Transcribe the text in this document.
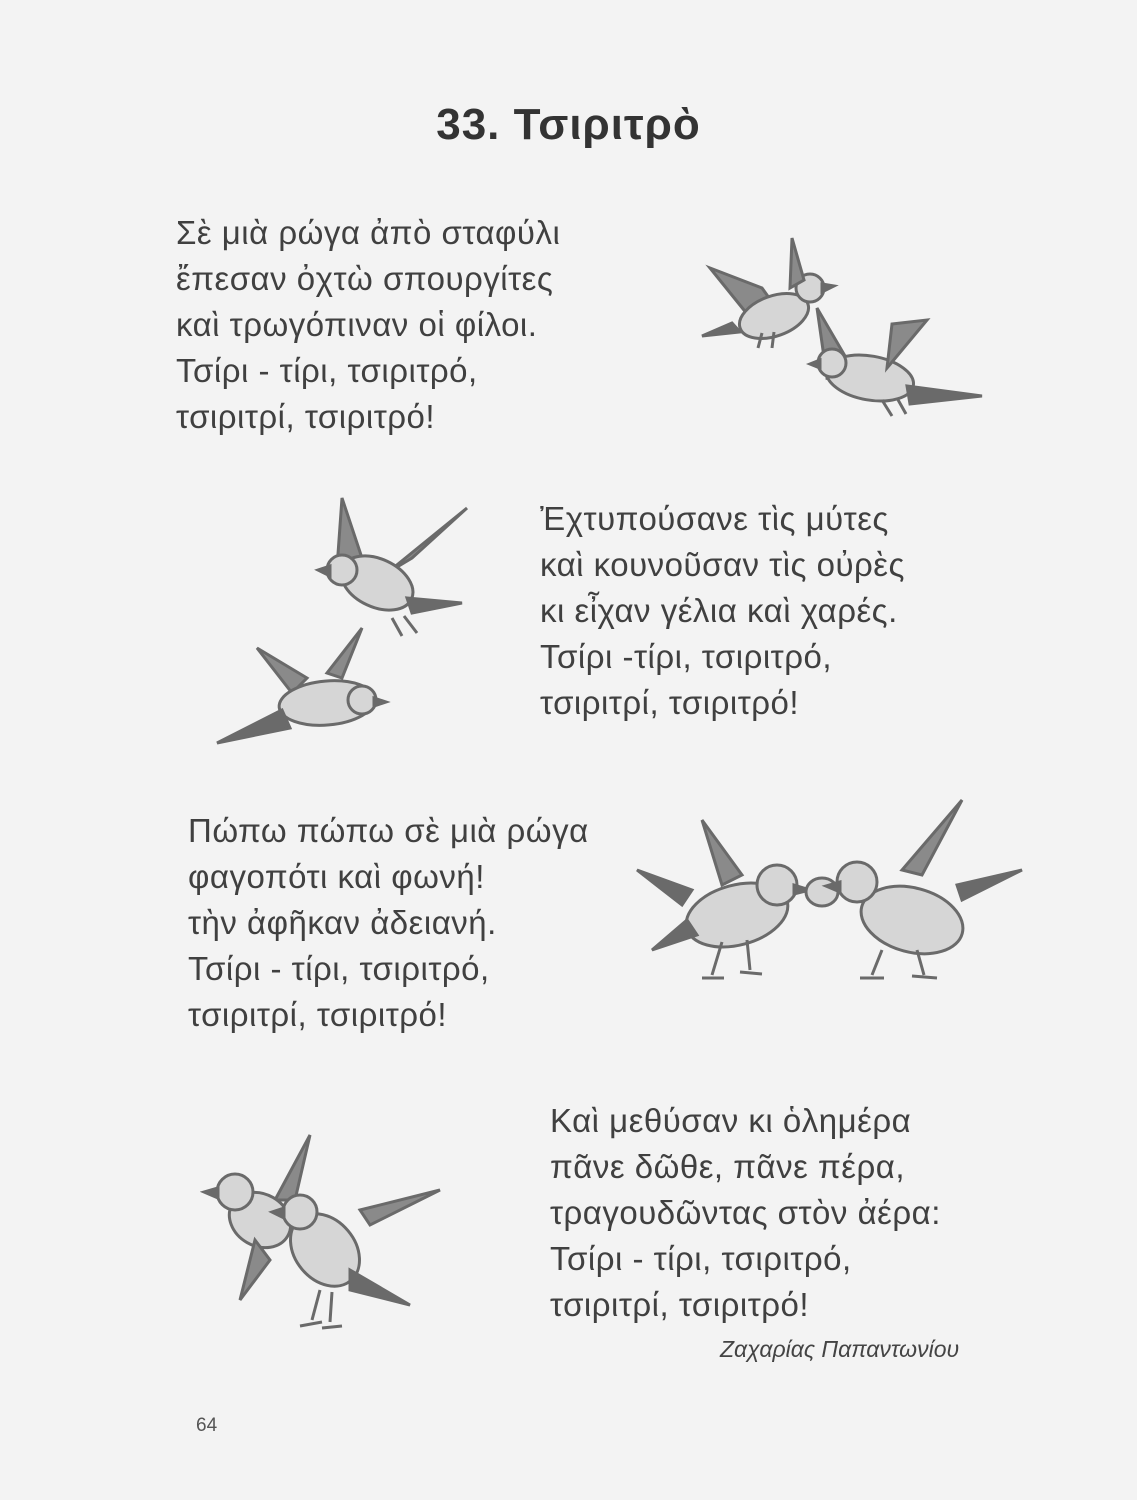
33. Τσιριτρὸ
Σὲ μιὰ ρώγα ἀπὸ σταφύλι
ἔπεσαν ὀχτὼ σπουργίτες
καὶ τρωγόπιναν οἱ φίλοι.
Τσίρι - τίρι, τσιριτρό,
τσιριτρί, τσιριτρό!
Ἐχτυπούσανε τὶς μύτες
καὶ κουνοῦσαν τὶς οὐρὲς
κι εἶχαν γέλια καὶ χαρές.
Τσίρι -τίρι, τσιριτρό,
τσιριτρί, τσιριτρό!
Πώπω πώπω σὲ μιὰ ρώγα
φαγοπότι καὶ φωνή!
τὴν ἀφῆκαν ἀδειανή.
Τσίρι - τίρι, τσιριτρό,
τσιριτρί, τσιριτρό!
Καὶ μεθύσαν κι ὁλημέρα
πᾶνε δῶθε, πᾶνε πέρα,
τραγουδῶντας στὸν ἀέρα:
Τσίρι - τίρι, τσιριτρό,
τσιριτρί, τσιριτρό!
Ζαχαρίας Παπαντωνίου
64
